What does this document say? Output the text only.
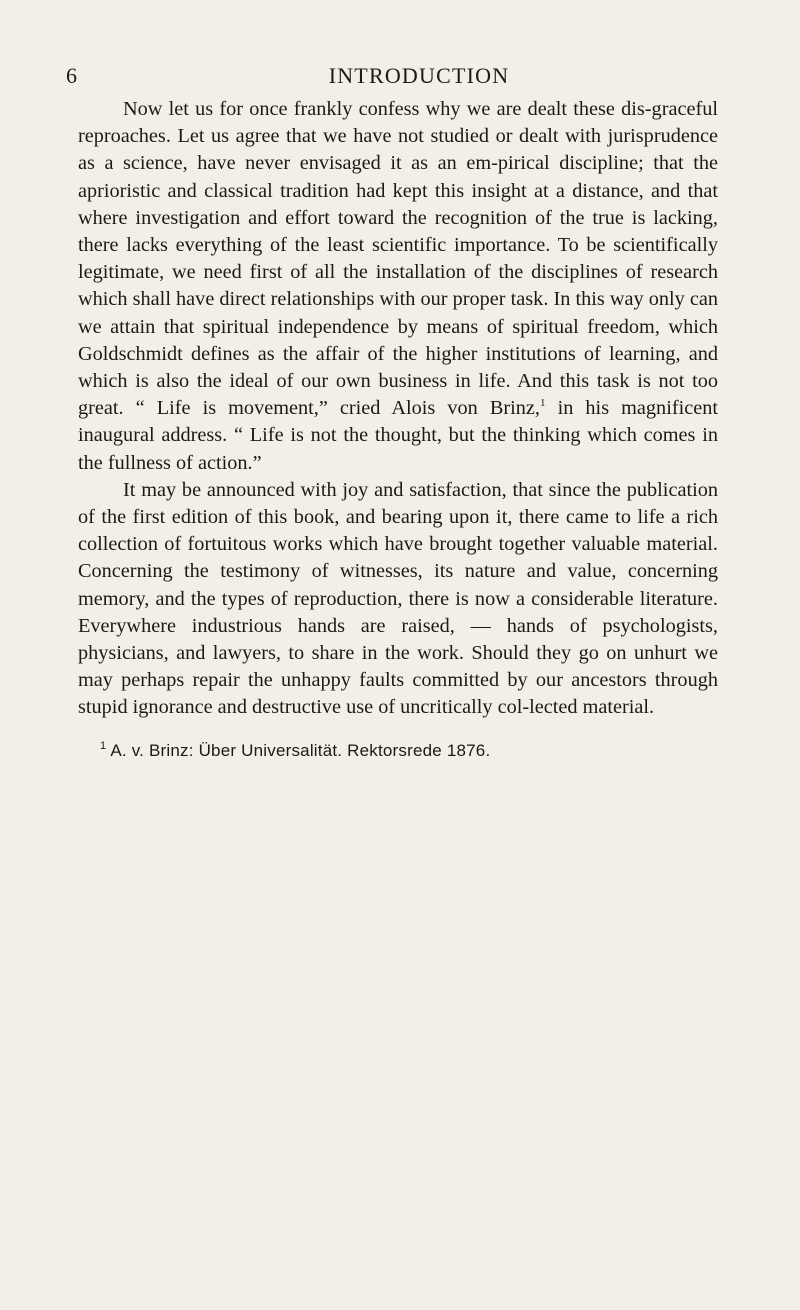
6	INTRODUCTION

Now let us for once frankly confess why we are dealt these dis-graceful reproaches. Let us agree that we have not studied or dealt with jurisprudence as a science, have never envisaged it as an em-pirical discipline; that the aprioristic and classical tradition had kept this insight at a distance, and that where investigation and effort toward the recognition of the true is lacking, there lacks everything of the least scientific importance. To be scientifically legitimate, we need first of all the installation of the disciplines of research which shall have direct relationships with our proper task. In this way only can we attain that spiritual independence by means of spiritual freedom, which Goldschmidt defines as the affair of the higher institutions of learning, and which is also the ideal of our own business in life. And this task is not too great. “ Life is movement,” cried Alois von Brinz,$^1$ in his magnificent inaugural address. “ Life is not the thought, but the thinking which comes in the fullness of action.”

It may be announced with joy and satisfaction, that since the publication of the first edition of this book, and bearing upon it, there came to life a rich collection of fortuitous works which have brought together valuable material. Concerning the testimony of witnesses, its nature and value, concerning memory, and the types of reproduction, there is now a considerable literature. Everywhere industrious hands are raised, — hands of psychologists, physicians, and lawyers, to share in the work. Should they go on unhurt we may perhaps repair the unhappy faults committed by our ancestors through stupid ignorance and destructive use of uncritically col-lected material.

$^1$ A. v. Brinz: Über Universalität. Rektorsrede 1876.
